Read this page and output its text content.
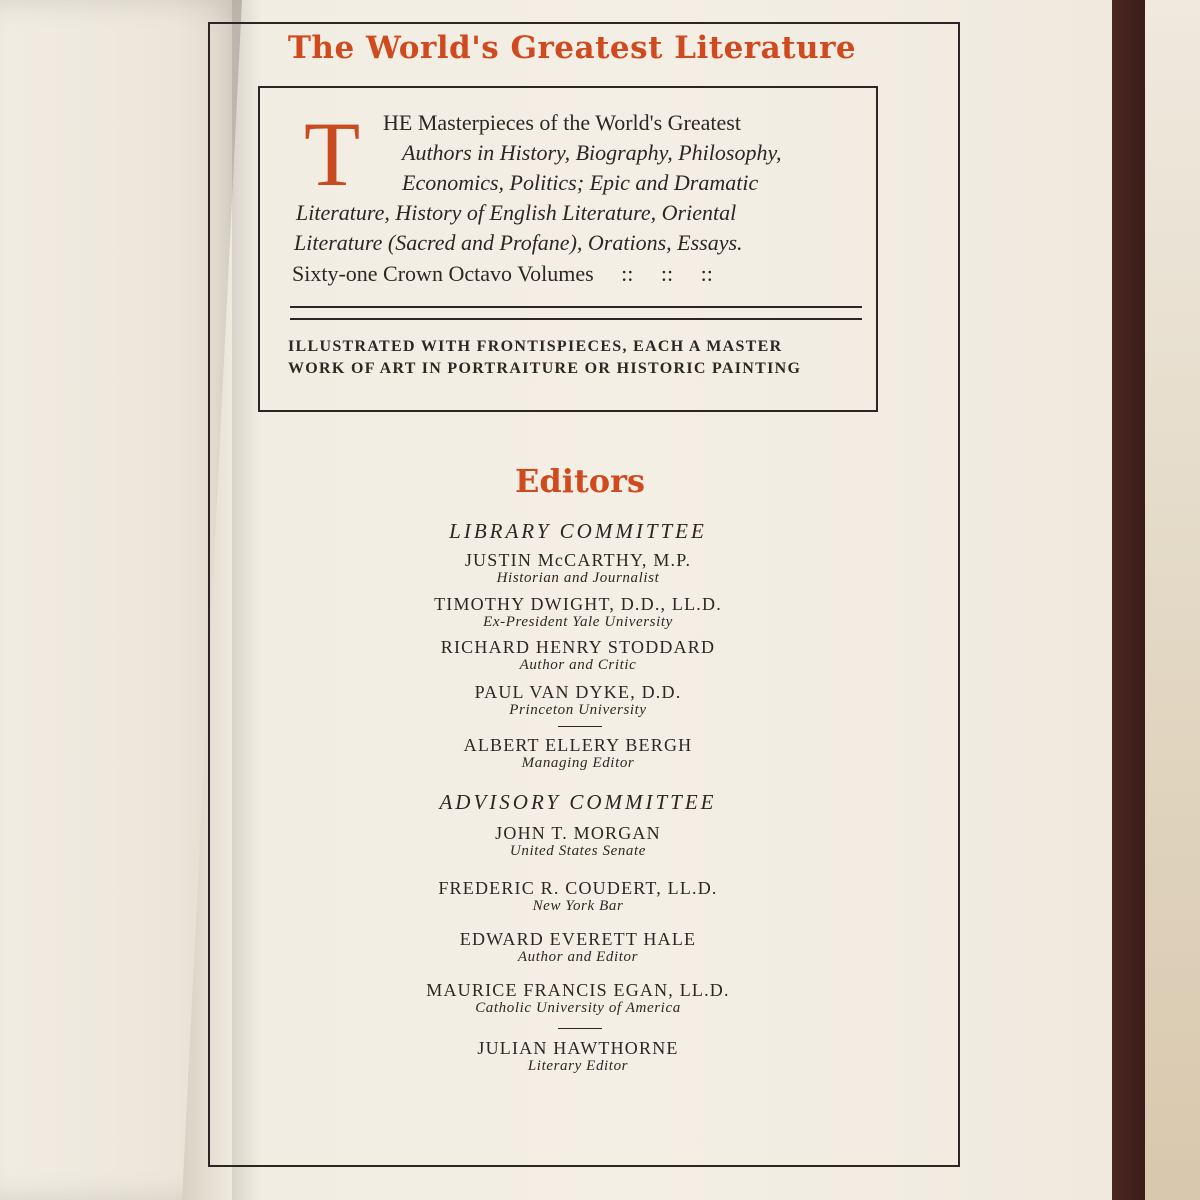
The World's Greatest Literature
T HE Masterpieces of the World's Greatest
Authors in History, Biography, Philosophy,
Economics, Politics; Epic and Dramatic
Literature, History of English Literature, Oriental
Literature (Sacred and Profane), Orations, Essays.
Sixty-one Crown Octavo Volumes     ::     ::     ::
ILLUSTRATED WITH FRONTISPIECES, EACH A MASTER
WORK OF ART IN PORTRAITURE OR HISTORIC PAINTING
Editors
LIBRARY COMMITTEE
JUSTIN McCARTHY, M.P.
Historian and Journalist
TIMOTHY DWIGHT, D.D., LL.D.
Ex-President Yale University
RICHARD HENRY STODDARD
Author and Critic
PAUL VAN DYKE, D.D.
Princeton University
ALBERT ELLERY BERGH
Managing Editor
ADVISORY COMMITTEE
JOHN T. MORGAN
United States Senate
FREDERIC R. COUDERT, LL.D.
New York Bar
EDWARD EVERETT HALE
Author and Editor
MAURICE FRANCIS EGAN, LL.D.
Catholic University of America
JULIAN HAWTHORNE
Literary Editor
